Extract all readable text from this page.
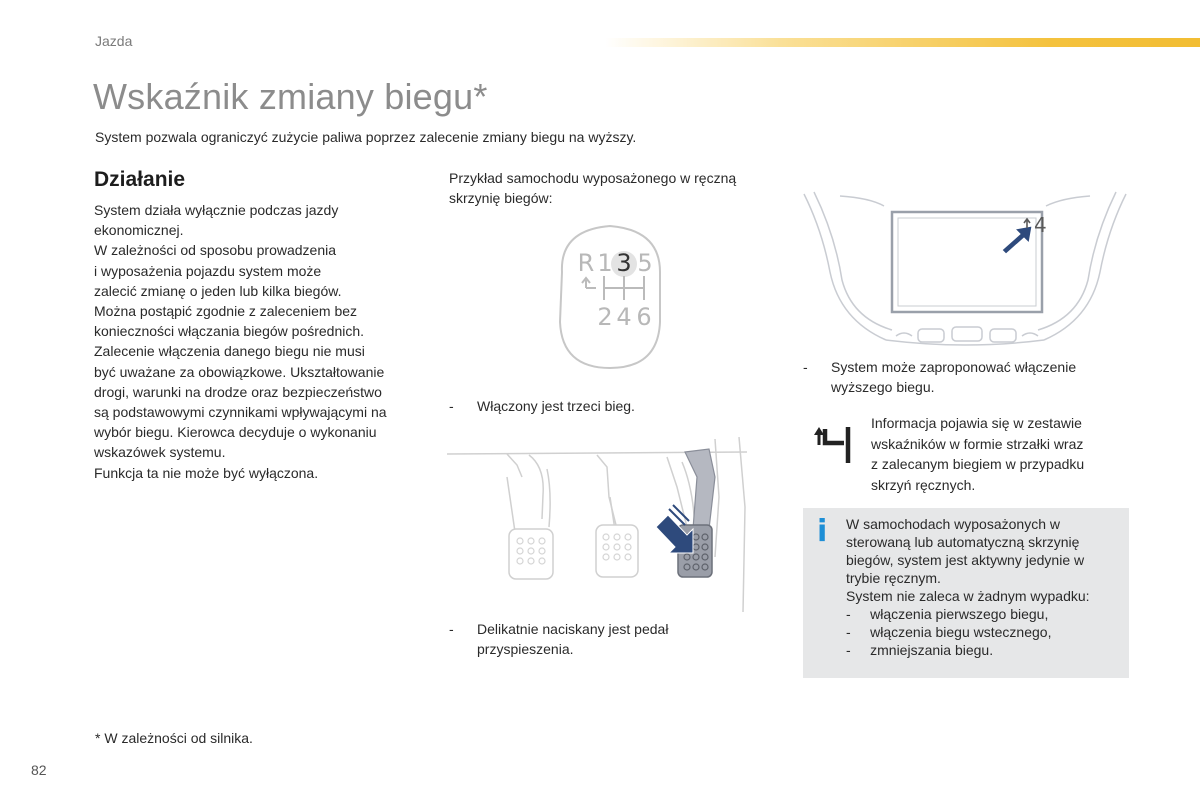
Jazda
Wskaźnik zmiany biegu*
System pozwala ograniczyć zużycie paliwa poprzez zalecenie zmiany biegu na wyższy.
Działanie
System działa wyłącznie podczas jazdy
ekonomicznej.
W zależności od sposobu prowadzenia
i wyposażenia pojazdu system może
zalecić zmianę o jeden lub kilka biegów.
Można postąpić zgodnie z zaleceniem bez
konieczności włączania biegów pośrednich.
Zalecenie włączenia danego biegu nie musi
być uważane za obowiązkowe. Ukształtowanie
drogi, warunki na drodze oraz bezpieczeństwo
są podstawowymi czynnikami wpływającymi na
wybór biegu. Kierowca decyduje o wykonaniu
wskazówek systemu.
Funkcja ta nie może być wyłączona.
Przykład samochodu wyposażonego w ręczną
skrzynię biegów:
R 1 3 5
2 4 6
- Włączony jest trzeci bieg.
- Delikatnie naciskany jest pedał
przyspieszenia.
4
- System może zaproponować włączenie
wyższego biegu.
Informacja pojawia się w zestawie
wskaźników w formie strzałki wraz
z zalecanym biegiem w przypadku
skrzyń ręcznych.
i W samochodach wyposażonych w
sterowaną lub automatyczną skrzynię
biegów, system jest aktywny jedynie w
trybie ręcznym.
System nie zaleca w żadnym wypadku:
-     włączenia pierwszego biegu,
-     włączenia biegu wstecznego,
-     zmniejszania biegu.
* W zależności od silnika.
82
